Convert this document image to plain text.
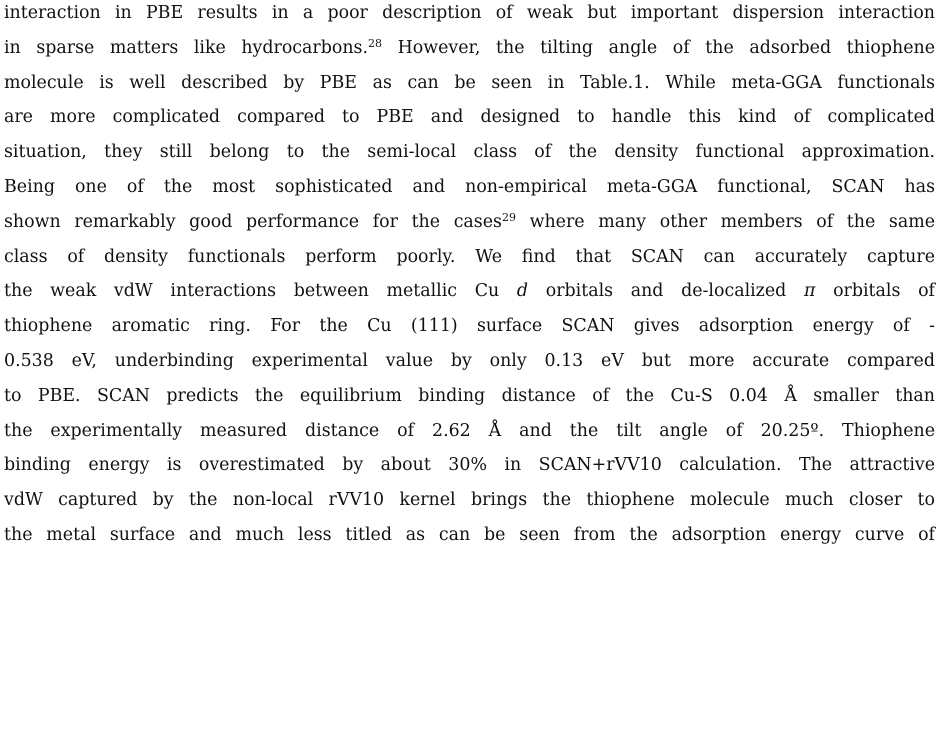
interaction in PBE results in a poor description of weak but important dispersion interaction
in sparse matters like hydrocarbons.$^{28}$ However, the tilting angle of the adsorbed thiophene
molecule is well described by PBE as can be seen in Table.1. While meta-GGA functionals
are more complicated compared to PBE and designed to handle this kind of complicated
situation, they still belong to the semi-local class of the density functional approximation.
Being one of the most sophisticated and non-empirical meta-GGA functional, SCAN has
shown remarkably good performance for the cases$^{29}$ where many other members of the same
class of density functionals perform poorly. We find that SCAN can accurately capture
the weak vdW interactions between metallic Cu d orbitals and de-localized π orbitals of
thiophene aromatic ring. For the Cu (111) surface SCAN gives adsorption energy of -
0.538 eV, underbinding experimental value by only 0.13 eV but more accurate compared
to PBE. SCAN predicts the equilibrium binding distance of the Cu-S 0.04 Å smaller than
the experimentally measured distance of 2.62 Å and the tilt angle of 20.25º. Thiophene
binding energy is overestimated by about 30% in SCAN+rVV10 calculation. The attractive
vdW captured by the non-local rVV10 kernel brings the thiophene molecule much closer to
the metal surface and much less titled as can be seen from the adsorption energy curve of
